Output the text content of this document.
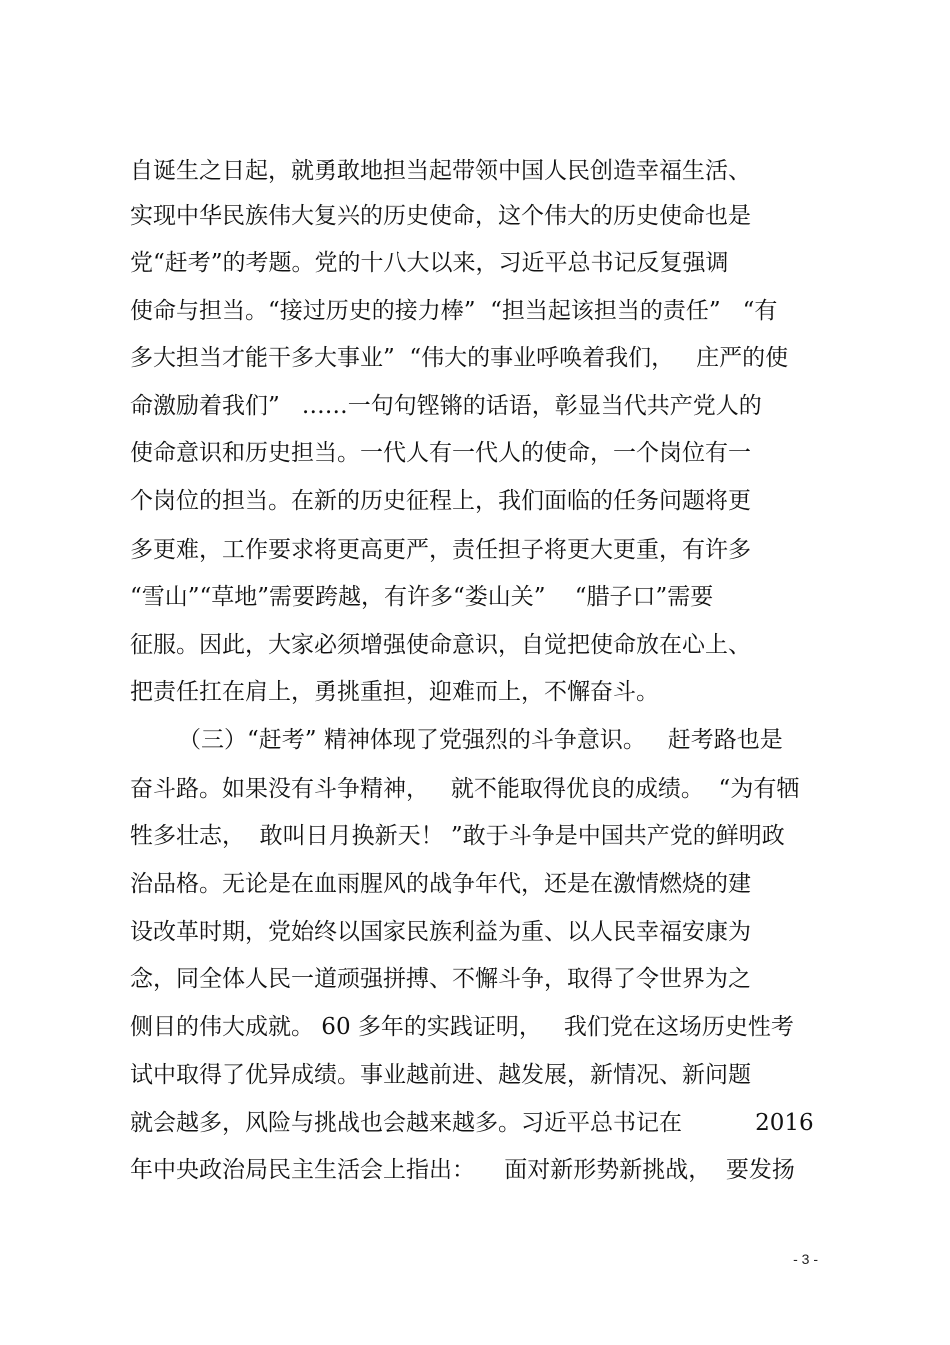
自诞生之日起，就勇敢地担当起带领中国人民创造幸福生活、
实现中华民族伟大复兴的历史使命，这个伟大的历史使命也是
党“赶考”的考题。党的十八大以来，习近平总书记反复强调
使命与担当。“接过历史的接力棒”  “担当起该担当的责任”   “有
多大担当才能干多大事业”  “伟大的事业呼唤着我们，   庄严的使
命激励着我们”   ……一句句铿锵的话语，彰显当代共产党人的
使命意识和历史担当。一代人有一代人的使命，一个岗位有一
个岗位的担当。在新的历史征程上，我们面临的任务问题将更
多更难，工作要求将更高更严，责任担子将更大更重，有许多
“雪山”“草地”需要跨越，有许多“娄山关”    “腊子口”需要
征服。因此，大家必须增强使命意识，自觉把使命放在心上、
把责任扛在肩上，勇挑重担，迎难而上，不懈奋斗。
（三）“赶考” 精神体现了党强烈的斗争意识。   赶考路也是
奋斗路。如果没有斗争精神，   就不能取得优良的成绩。  “为有牺
牲多壮志，  敢叫日月换新天！ ”敢于斗争是中国共产党的鲜明政
治品格。无论是在血雨腥风的战争年代，还是在激情燃烧的建
设改革时期，党始终以国家民族利益为重、以人民幸福安康为
念，同全体人民一道顽强拼搏、不懈斗争，取得了令世界为之
侧目的伟大成就。 60 多年的实践证明，   我们党在这场历史性考
试中取得了优异成绩。事业越前进、越发展，新情况、新问题
就会越多，风险与挑战也会越来越多。习近平总书记在          2016
年中央政治局民主生活会上指出：    面对新形势新挑战，  要发扬
- 3 -
